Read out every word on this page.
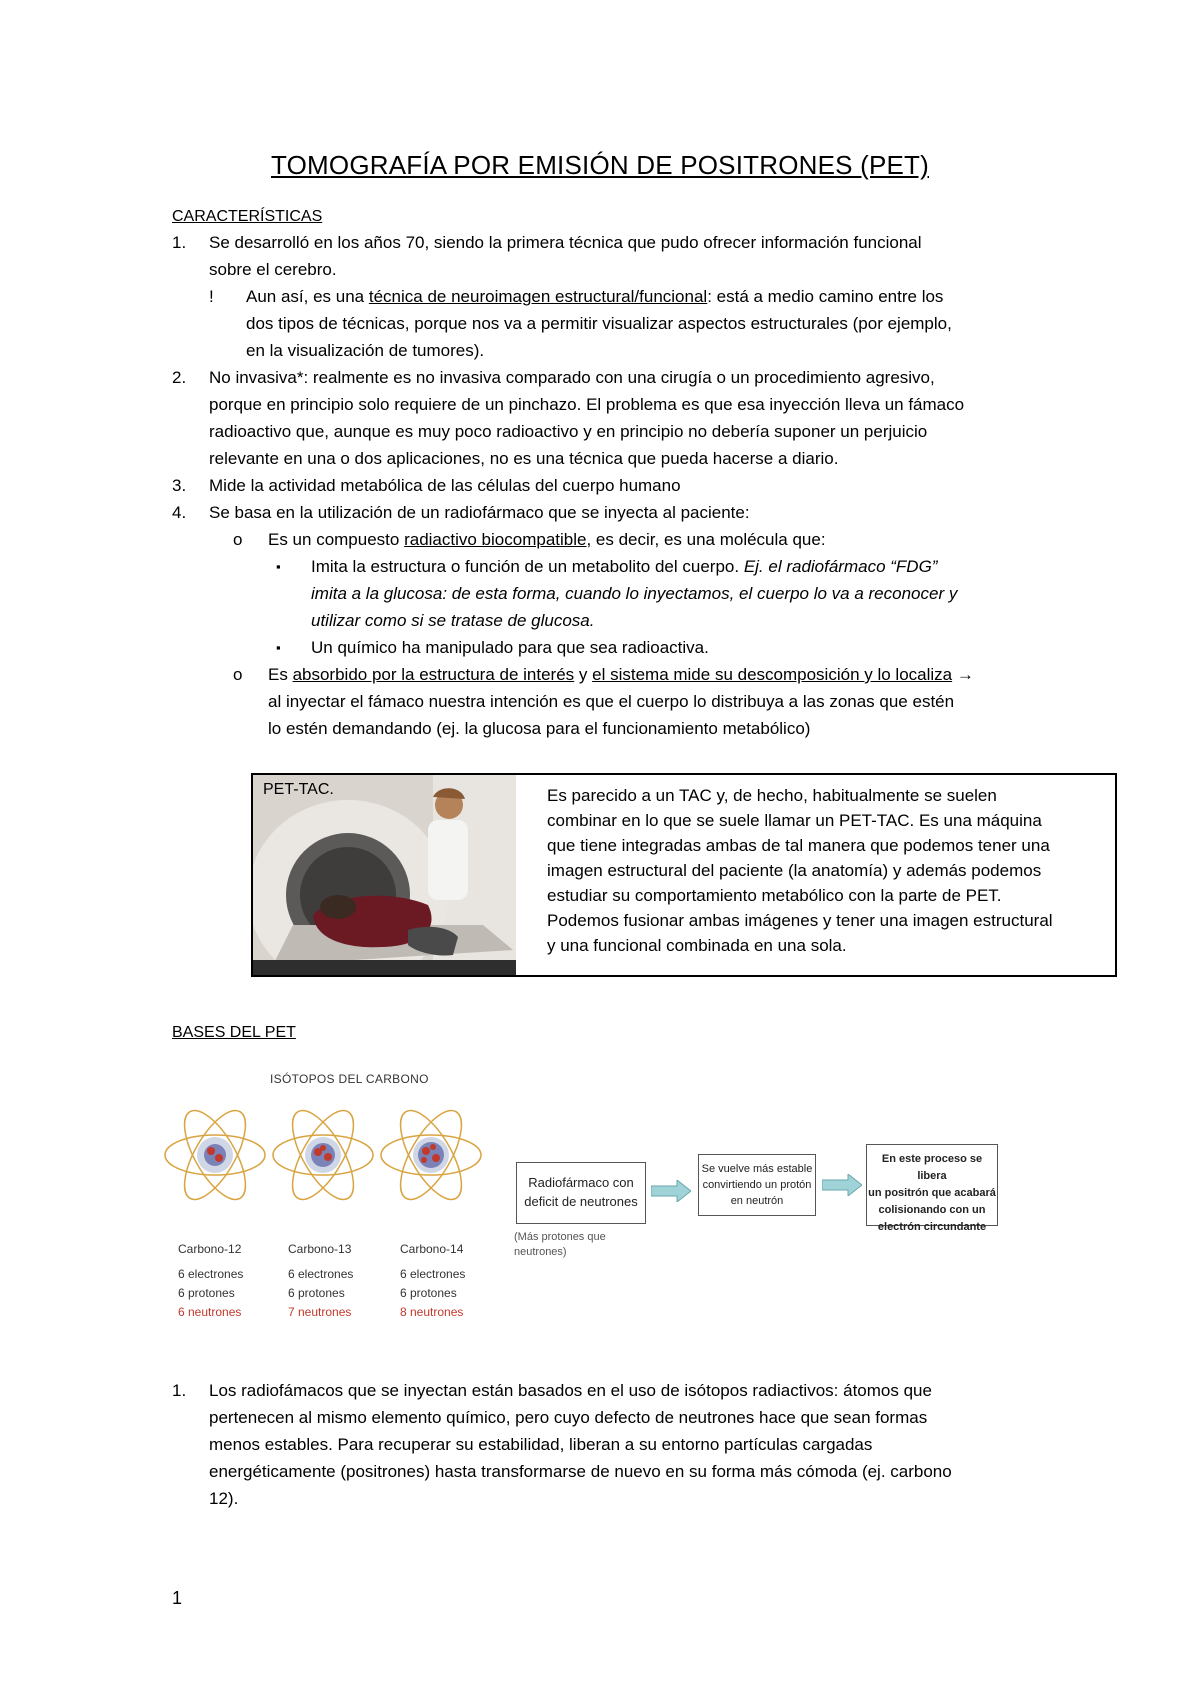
TOMOGRAFÍA POR EMISIÓN DE POSITRONES (PET)
CARACTERÍSTICAS
1.	Se desarrolló en los años 70, siendo la primera técnica que pudo ofrecer información funcional
sobre el cerebro.
! Aun así, es una técnica de neuroimagen estructural/funcional: está a medio camino entre los
dos tipos de técnicas, porque nos va a permitir visualizar aspectos estructurales (por ejemplo,
en la visualización de tumores).
2.	No invasiva*: realmente es no invasiva comparado con una cirugía o un procedimiento agresivo,
porque en principio solo requiere de un pinchazo. El problema es que esa inyección lleva un fámaco
radioactivo que, aunque es muy poco radioactivo y en principio no debería suponer un perjuicio
relevante en una o dos aplicaciones, no es una técnica que pueda hacerse a diario.
3.	Mide la actividad metabólica de las células del cuerpo humano
4.	Se basa en la utilización de un radiofármaco que se inyecta al paciente:
o Es un compuesto radiactivo biocompatible, es decir, es una molécula que:
▪ Imita la estructura o función de un metabolito del cuerpo. Ej. el radiofármaco “FDG”
imita a la glucosa: de esta forma, cuando lo inyectamos, el cuerpo lo va a reconocer y
utilizar como si se tratase de glucosa.
▪ Un químico ha manipulado para que sea radioactiva.
o Es absorbido por la estructura de interés y el sistema mide su descomposición y lo localiza →
al inyectar el fámaco nuestra intención es que el cuerpo lo distribuya a las zonas que estén
lo estén demandando (ej. la glucosa para el funcionamiento metabólico)
PET-TAC.	Es parecido a un TAC y, de hecho, habitualmente se suelen
combinar en lo que se suele llamar un PET-TAC. Es una máquina
que tiene integradas ambas de tal manera que podemos tener una
imagen estructural del paciente (la anatomía) y además podemos
estudiar su comportamiento metabólico con la parte de PET.
Podemos fusionar ambas imágenes y tener una imagen estructural
y una funcional combinada en una sola.
BASES DEL PET
ISÓTOPOS DEL CARBONO
Carbono-12
6 electrones
6 protones
6 neutrones
Carbono-13
6 electrones
6 protones
7 neutrones
Carbono-14
6 electrones
6 protones
8 neutrones
Radiofármaco con
deficit de neutrones
(Más protones que
neutrones)
Se vuelve más estable
convirtiendo un protón
en neutrón
En este proceso se libera
un positrón que acabará
colisionando con un
electrón circundante
1.	Los radiofámacos que se inyectan están basados en el uso de isótopos radiactivos: átomos que
pertenecen al mismo elemento químico, pero cuyo defecto de neutrones hace que sean formas
menos estables. Para recuperar su estabilidad, liberan a su entorno partículas cargadas
energéticamente (positrones) hasta transformarse de nuevo en su forma más cómoda (ej. carbono
12).
1
